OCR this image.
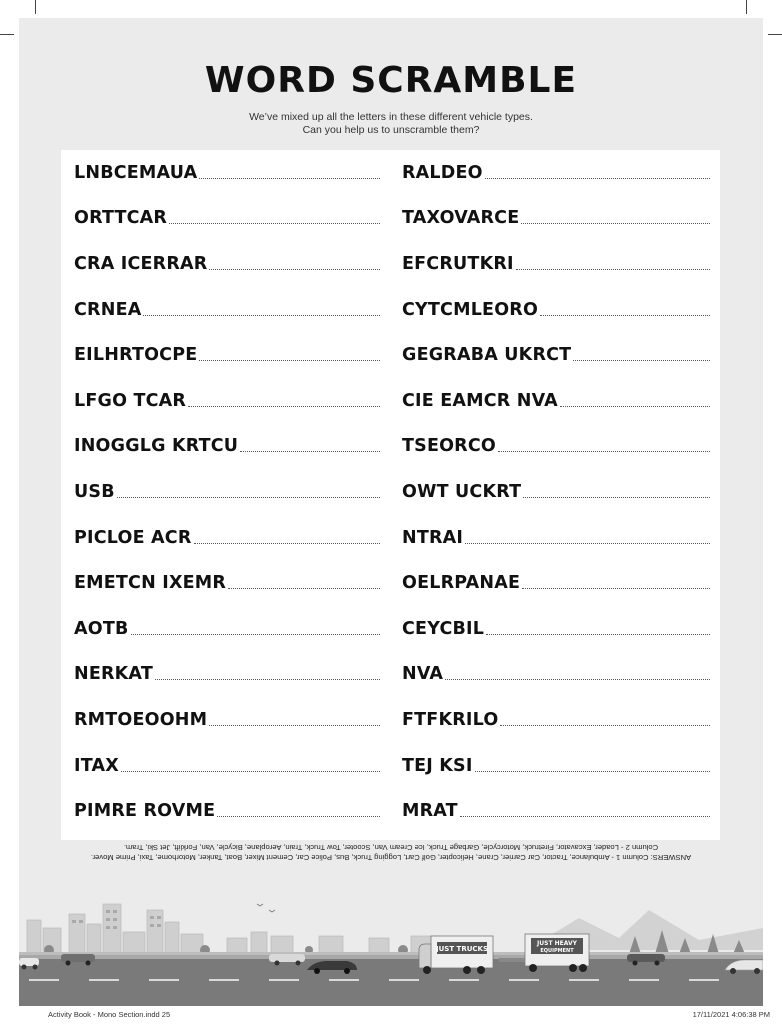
WORD SCRAMBLE
We’ve mixed up all the letters in these different vehicle types.
Can you help us to unscramble them?
LNBCEMAUA
ORTTCAR
CRA ICERRAR
CRNEA
EILHRTOCPE
LFGO TCAR
INOGGLG KRTCU
USB
PICLOE ACR
EMETCN IXEMR
AOTB
NERKAT
RMTOEOOHM
ITAX
PIMRE ROVME
RALDEO
TAXOVARCE
EFCRUTKRI
CYTCMLEORO
GEGRABA UKRCT
CIE EAMCR NVA
TSEORCO
OWT UCKRT
NTRAI
OELRPANAE
CEYCBIL
NVA
FTFKRILO
TEJ KSI
MRAT
ANSWERS: Column 1 - Ambulance, Tractor, Car Carrier, Crane, Helicopter, Golf Cart, Logging Truck, Bus, Police Car, Cement Mixer, Boat, Tanker, Motorhome, Taxi, Prime Mover.
Column 2 - Loader, Excavator, Firetruck, Motorcycle, Garbage Truck, Ice Cream Van, Scooter, Tow Truck, Train, Aeroplane, Bicycle, Van, Forklift, Jet Ski, Tram.
JUST TRUCKS
JUST HEAVY
EQUIPMENT
Activity Book - Mono Section.indd 25	17/11/2021 4:06:38 PM
